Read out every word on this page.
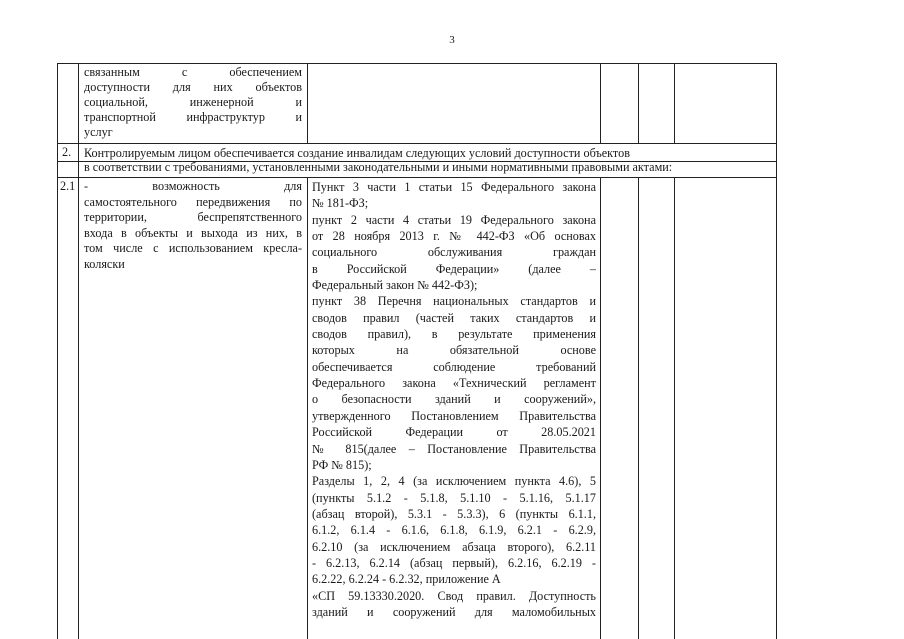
3
связанным с обеспечением
доступности для них объектов
социальной, инженерной и
транспортной инфраструктур и
услуг
2. Контролируемым лицом обеспечивается создание инвалидам следующих условий доступности объектов
в соответствии с требованиями, установленными законодательными и иными нормативными правовыми актами:
2.1 - возможность для
самостоятельного передвижения по
территории, беспрепятственного
входа в объекты и выхода из них, в
том числе с использованием кресла-
коляски
Пункт 3 части 1 статьи 15 Федерального закона
№ 181-ФЗ;
пункт 2 части 4 статьи 19 Федерального закона
от 28 ноября 2013 г. № 442-ФЗ «Об основах
социального обслуживания граждан
в Российской Федерации» (далее –
Федеральный закон № 442-ФЗ);
пункт 38 Перечня национальных стандартов и
сводов правил (частей таких стандартов и
сводов правил), в результате применения
которых на обязательной основе
обеспечивается соблюдение требований
Федерального закона «Технический регламент
о безопасности зданий и сооружений»,
утвержденного Постановлением Правительства
Российской Федерации от 28.05.2021
№ 815(далее – Постановление Правительства
РФ № 815);
Разделы 1, 2, 4 (за исключением пункта 4.6), 5
(пункты 5.1.2 - 5.1.8, 5.1.10 - 5.1.16, 5.1.17
(абзац второй), 5.3.1 - 5.3.3), 6 (пункты 6.1.1,
6.1.2, 6.1.4 - 6.1.6, 6.1.8, 6.1.9, 6.2.1 - 6.2.9,
6.2.10 (за исключением абзаца второго), 6.2.11
- 6.2.13, 6.2.14 (абзац первый), 6.2.16, 6.2.19 -
6.2.22, 6.2.24 - 6.2.32, приложение А
«СП 59.13330.2020. Свод правил. Доступность
зданий и сооружений для маломобильных
